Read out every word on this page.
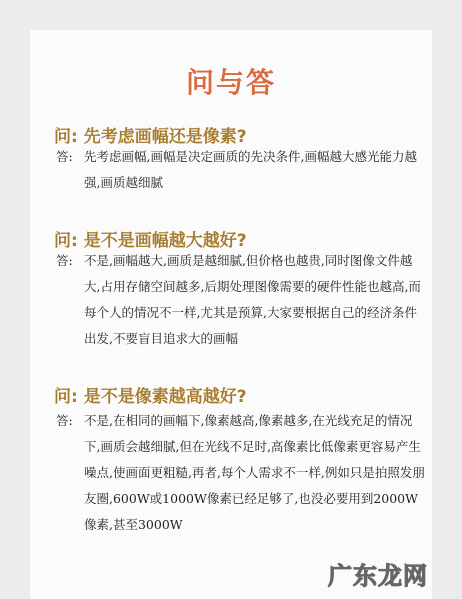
问与答
问: 先考虑画幅还是像素?
答: 先考虑画幅,画幅是决定画质的先决条件,画幅越大感光能力越强,画质越细腻
问: 是不是画幅越大越好?
答: 不是,画幅越大,画质是越细腻,但价格也越贵,同时图像文件越大,占用存储空间越多,后期处理图像需要的硬件性能也越高,而每个人的情况不一样,尤其是预算,大家要根据自己的经济条件出发,不要盲目追求大的画幅
问: 是不是像素越高越好?
答: 不是,在相同的画幅下,像素越高,像素越多,在光线充足的情况下,画质会越细腻,但在光线不足时,高像素比低像素更容易产生噪点,使画面更粗糙,再者,每个人需求不一样,例如只是拍照发朋友圈,600W或1000W像素已经足够了,也没必要用到2000W像素,甚至3000W
广东龙网
